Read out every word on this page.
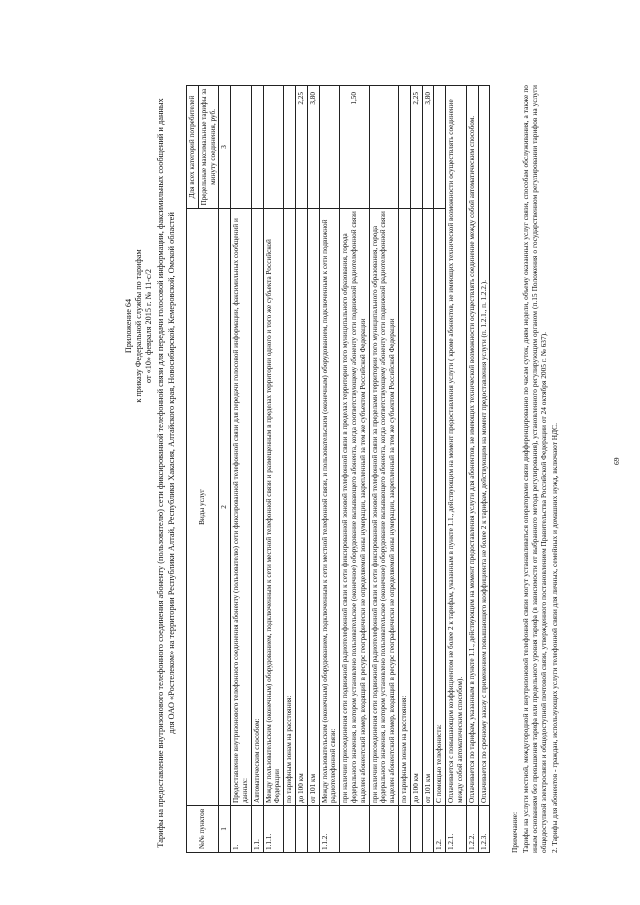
Приложение 64 к приказу Федеральной службы по тарифам от «10» февраля 2015 г. № 11-с/2 Тарифы на предоставление внутризонового телефонного соединения абоненту (пользователю) сети фиксированной телефонной связи для передачи голосовой информации, факсимильных сообщений и данных для ОАО «Ростелеком» на территории Республики Алтай, Республики Хакасия, Алтайского края, Новосибирской, Кемеровской, Омской областей
№№ пунктов	Виды услуг	Для всех категорий потребителей
		Предельные максимальные тарифы за минуту соединения, руб.
1	2	3
1.	Предоставление внутризонового телефонного соединения абоненту (пользователю) сети фиксированной телефонной связи для передачи голосовой информации, факсимильных сообщений и данных:	
1.1.	Автоматическим способом:	
1.1.1.	Между пользовательским (оконечным) оборудованием, подключенным к сети местной телефонной связи и размещенным в пределах территории одного и того же субъекта Российской Федерации	
	по тарифным зонам на расстояния:	
	до 100 км	2,25
	от 101 км	3,80
1.1.2.	Между пользовательским (оконечным) оборудованием, подключенным к сети местной телефонной связи, и пользовательским (оконечным) оборудованием, подключенным к сети подвижной радиотелефонной связи:	
	при наличии присоединения сети подвижной радиотелефонной связи к сети фиксированной зоновой телефонной связи в пределах территории того муниципального образования, города федерального значения, в котором установлено пользовательское (оконечное) оборудование вызывающего абонента, когда соответствующему абоненту сети подвижной радиотелефонной связи выделен абонентский номер, входящий в ресурс географически не определяемой зоны нумерации, закрепленный за тем же субъектом Российской Федерации	1,50
	при наличии присоединения сети подвижной радиотелефонной связи к сети фиксированной зоновой телефонной связи за пределами территории того муниципального образования, города федерального значения, в котором установлено пользовательское (оконечное) оборудование вызывающего абонента, когда соответствующему абоненту сети подвижной радиотелефонной связи выделен абонентский номер, входящий в ресурс географически не определяемой зоны нумерации, закрепленный за тем же субъектом Российской Федерации	
	по тарифным зонам на расстояния:	
	до 100 км	2,25
	от 101 км	3,80
1.2.	С помощью телефониста:	
1.2.1.	Оплачивается с повышающим коэффициентом не более 2 к тарифам, указанным в пункте 1.1., действующим на момент предоставления услуги ( кроме абонентов, не имеющих технической возможности осуществлять соединение между собой автоматическим способом).	
1.2.2.	Оплачивается по тарифам, указанным в пункте 1.1., действующим на момент предоставления услуги для абонентов, не имеющих технической возможности осуществлять соединение между собой автоматическим способом.	
1.2.3.	Оплачивается по срочному заказу с применением повышающего коэффициента не более 2 к тарифам, действующим на момент предоставления услуги (п. 1.2.1., п. 1.2.2.).	

Примечание: Тарифы на услуги местной, междугородной и внутризоновой телефонной связи могут устанавливаться операторами связи дифференцированно по часам суток, дням недели, объему оказанных услуг связи, способам обслуживания, а также по иным основаниям без превышения тарифа или предельного уровня тарифа (в зависимости от выбранного метода регулирования), установленного регулирующим органом (п.15 Положения о государственном регулировании тарифов на услуги общедоступной электросвязи и общедоступной почтовой связи, утвержденного постановлением Правительства Российской Федерации от 24 октября 2005 г. № 637). 2. Тарифы для абонентов - граждан, использующих услуги телефонной связи для личных, семейных и домашних нужд, включают НДС.	69
